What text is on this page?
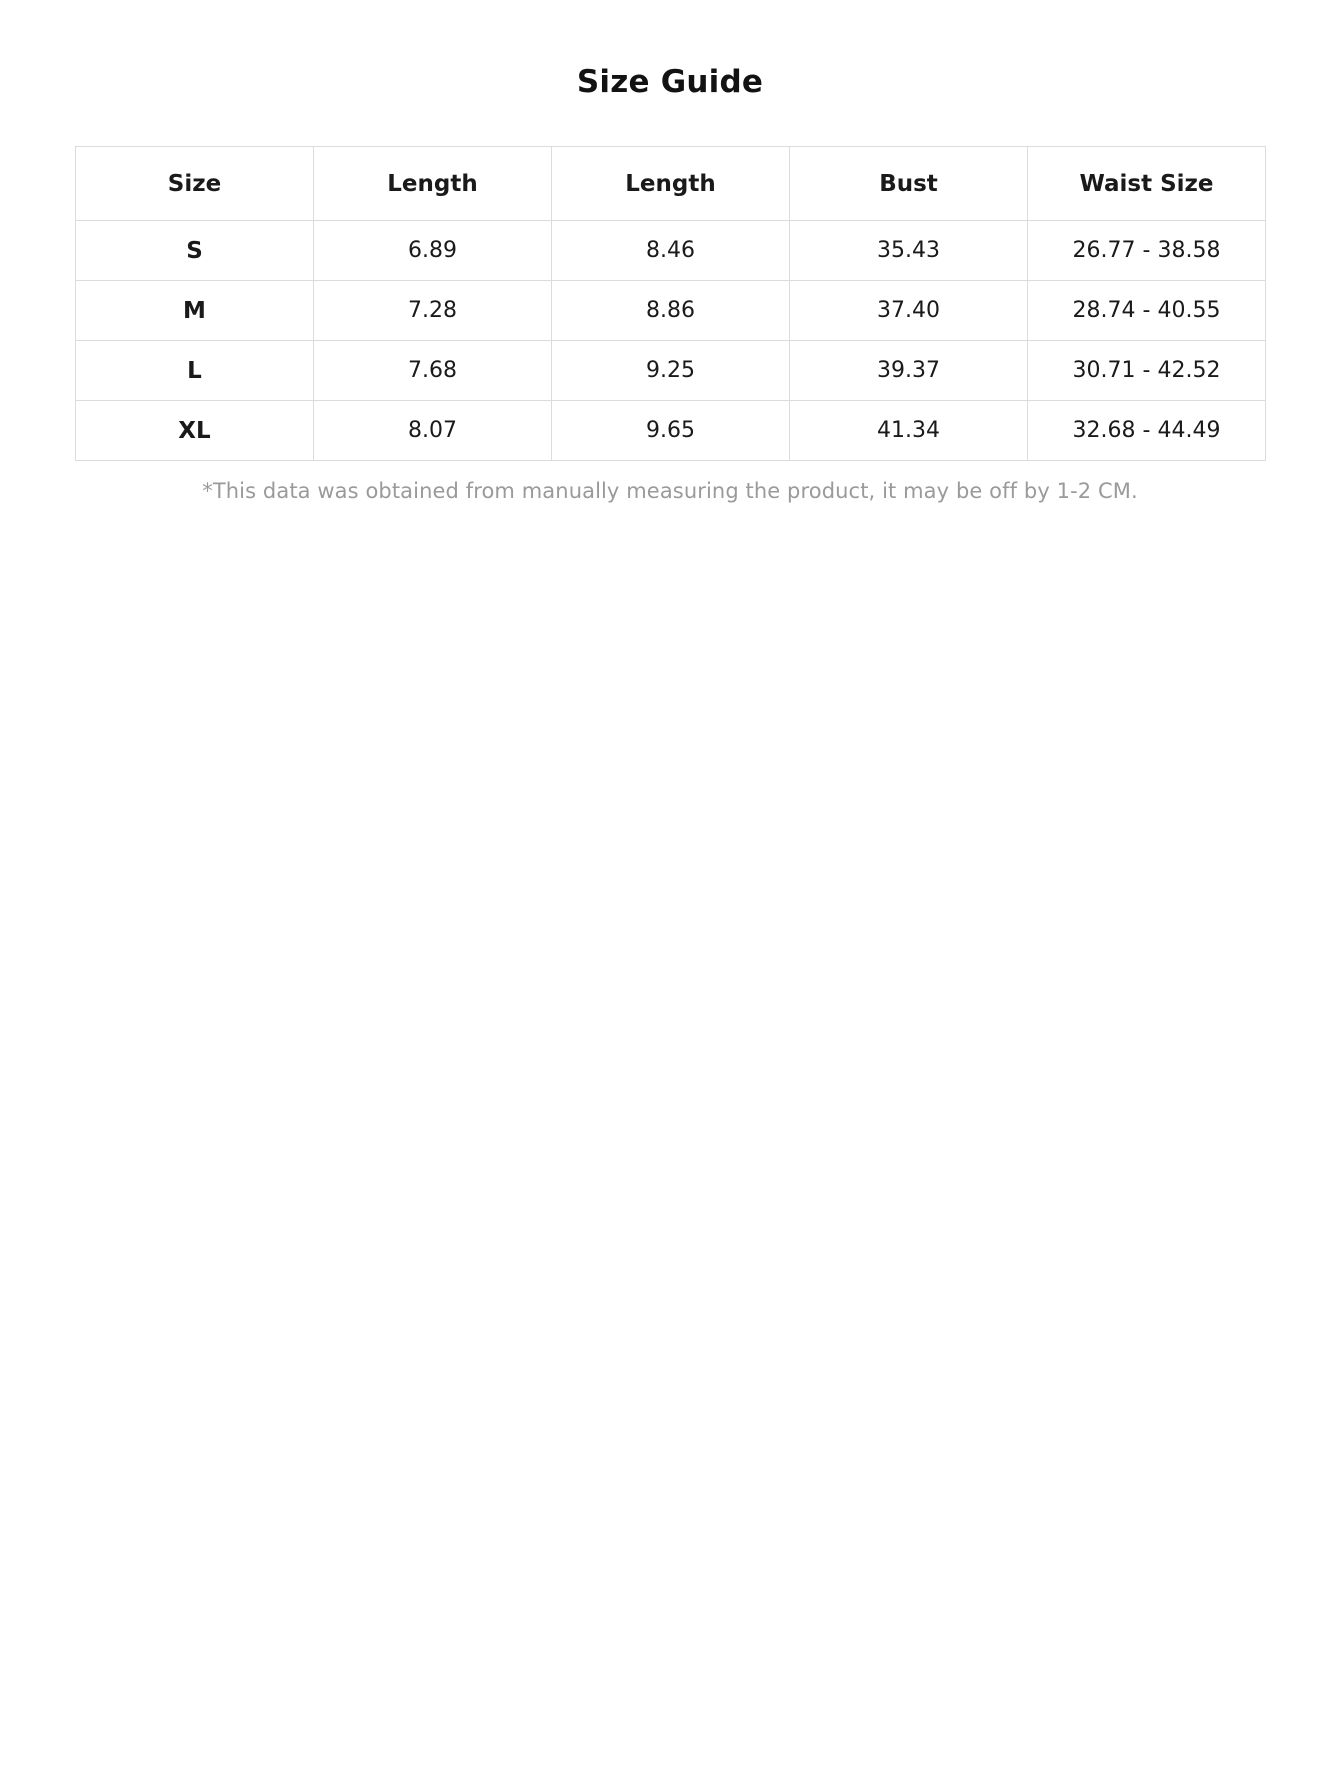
Size Guide
Size	Length	Length	Bust	Waist Size
S	6.89	8.46	35.43	26.77 - 38.58
M	7.28	8.86	37.40	28.74 - 40.55
L	7.68	9.25	39.37	30.71 - 42.52
XL	8.07	9.65	41.34	32.68 - 44.49
*This data was obtained from manually measuring the product, it may be off by 1-2 CM.
